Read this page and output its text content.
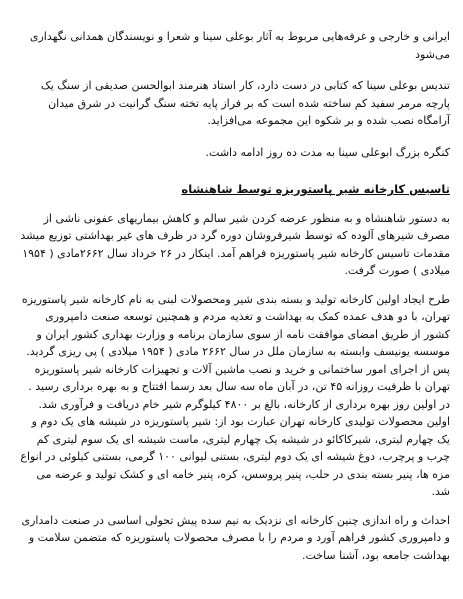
ایرانی و خارجی و غرفه‌هایی مربوط به آثار بوعلی سینا و شعرا و نویسندگان همدانی نگهداری می‌شود

تندیس بوعلی سینا که کتابی در دست دارد، کار استاد هنرمند ابوالحسن صدیقی از سنگ یک پارچه مرمر سفید کم ساخته شده است که بر فراز پایه تخته سنگ گرانیت در شرق میدان آرامگاه نصب شده و بر شکوه این مجموعه می‌افزاید.

کنگره بزرگ ابوعلی سینا به مدت ده روز ادامه داشت.

تاسیس کارخانه شیر پاستوریزه توسط شاهنشاه

به دستور شاهنشاه و به منظور عرضه کردن شیر سالم و کاهش بیماریهای عفونی ناشی از مصرف شیرهای آلوده که توسط شیرفروشان دوره گرد در ظرف های غیر بهداشتی توزیع میشد مقدمات تاسیس کارخانه شیر پاستوریزه فراهم آمد. اینکار در ۲۶ خرداد سال ۲۶۶۲مادی ( ۱۹۵۴ میلادی ) صورت گرفت.

طرح ایجاد اولین کارخانه تولید و بسته بندی شیر ومحصولات لبنی به نام کارخانه شیر پاستوریزه تهران، با دو هدف عمده کمک به بهداشت و تغذیه مردم و همچنین توسعه صنعت دامپروری کشور از طریق امضای موافقت نامه از سوی سازمان برنامه و وزارت بهداری کشور ایران و موسسه یونیسف وابسته به سازمان ملل در سال ۲۶۶۲ مادی ( ۱۹۵۴ میلادی ) پی ریزی گردید. پس از اجرای امور ساختمانی و خرید و نصب ماشین آلات و تجهیزات کارخانه شیر پاستوریزه تهران با ظرفیت روزانه ۴۵ تن، در آبان ماه سه سال بعد رسما افتتاح و به بهره برداری رسید . در اولین روز بهره برداری از کارخانه، بالغ بر ۴۸۰۰ کیلوگرم شیر خام دریافت و فرآوری شد. اولین محصولات تولیدی کارخانه تهران عبارت بود از: شیر پاستوریزه در شیشه های یک دوم و یک چهارم لیتری، شیرکاکائو در شیشه یک چهارم لیتری، ماست شیشه ای یک سوم لیتری کم چرب و پرچرب، دوغ شیشه ای یک دوم لیتری، بستنی لیوانی ۱۰۰ گرمی، بستنی کیلوئی در انواع مزه ها، پنیر بسته بندی در حلب، پنیر پروسس، کره، پنیر خامه ای و کشک تولید و عرضه می شد.

احداث و راه اندازی چنین کارخانه ای نزدیک به نیم سده پیش تحولی اساسی در صنعت دامداری و دامپروری کشور فراهم آورد و مردم را با مصرف محصولات پاستوریزه که متضمن سلامت و بهداشت جامعه بود، آشنا ساخت.
